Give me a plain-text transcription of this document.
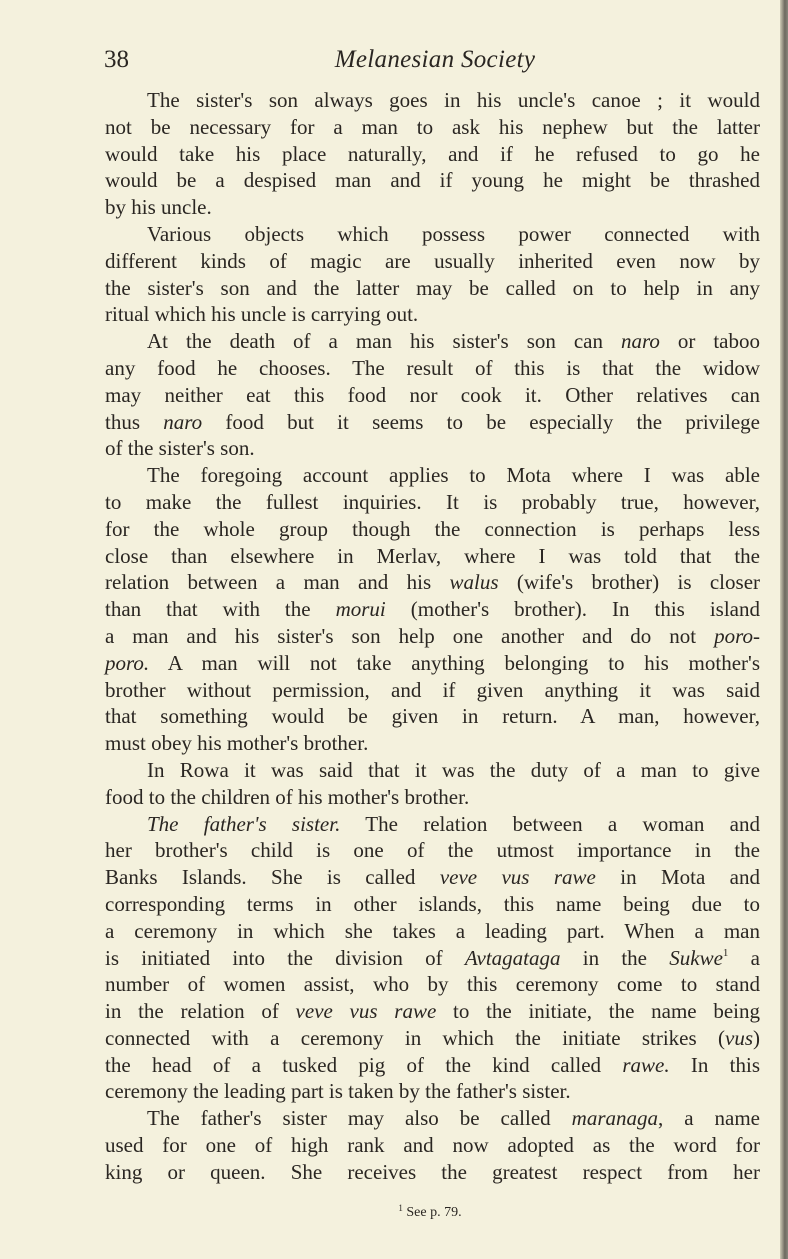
38	Melanesian Society
The sister's son always goes in his uncle's canoe ; it would
not be necessary for a man to ask his nephew but the latter
would take his place naturally, and if he refused to go he
would be a despised man and if young he might be thrashed
by his uncle.
Various objects which possess power connected with
different kinds of magic are usually inherited even now by
the sister's son and the latter may be called on to help in any
ritual which his uncle is carrying out.
At the death of a man his sister's son can naro or taboo
any food he chooses. The result of this is that the widow
may neither eat this food nor cook it. Other relatives can
thus naro food but it seems to be especially the privilege
of the sister's son.
The foregoing account applies to Mota where I was able
to make the fullest inquiries. It is probably true, however,
for the whole group though the connection is perhaps less
close than elsewhere in Merlav, where I was told that the
relation between a man and his walus (wife's brother) is closer
than that with the morui (mother's brother). In this island
a man and his sister's son help one another and do not poro-
poro. A man will not take anything belonging to his mother's
brother without permission, and if given anything it was said
that something would be given in return. A man, however,
must obey his mother's brother.
In Rowa it was said that it was the duty of a man to give
food to the children of his mother's brother.
The father's sister. The relation between a woman and
her brother's child is one of the utmost importance in the
Banks Islands. She is called veve vus rawe in Mota and
corresponding terms in other islands, this name being due to
a ceremony in which she takes a leading part. When a man
is initiated into the division of Avtagataga in the Sukwe$^1$ a
number of women assist, who by this ceremony come to stand
in the relation of veve vus rawe to the initiate, the name being
connected with a ceremony in which the initiate strikes (vus)
the head of a tusked pig of the kind called rawe. In this
ceremony the leading part is taken by the father's sister.
The father's sister may also be called maranaga, a name
used for one of high rank and now adopted as the word for
king or queen. She receives the greatest respect from her
$^1$ See p. 79.
